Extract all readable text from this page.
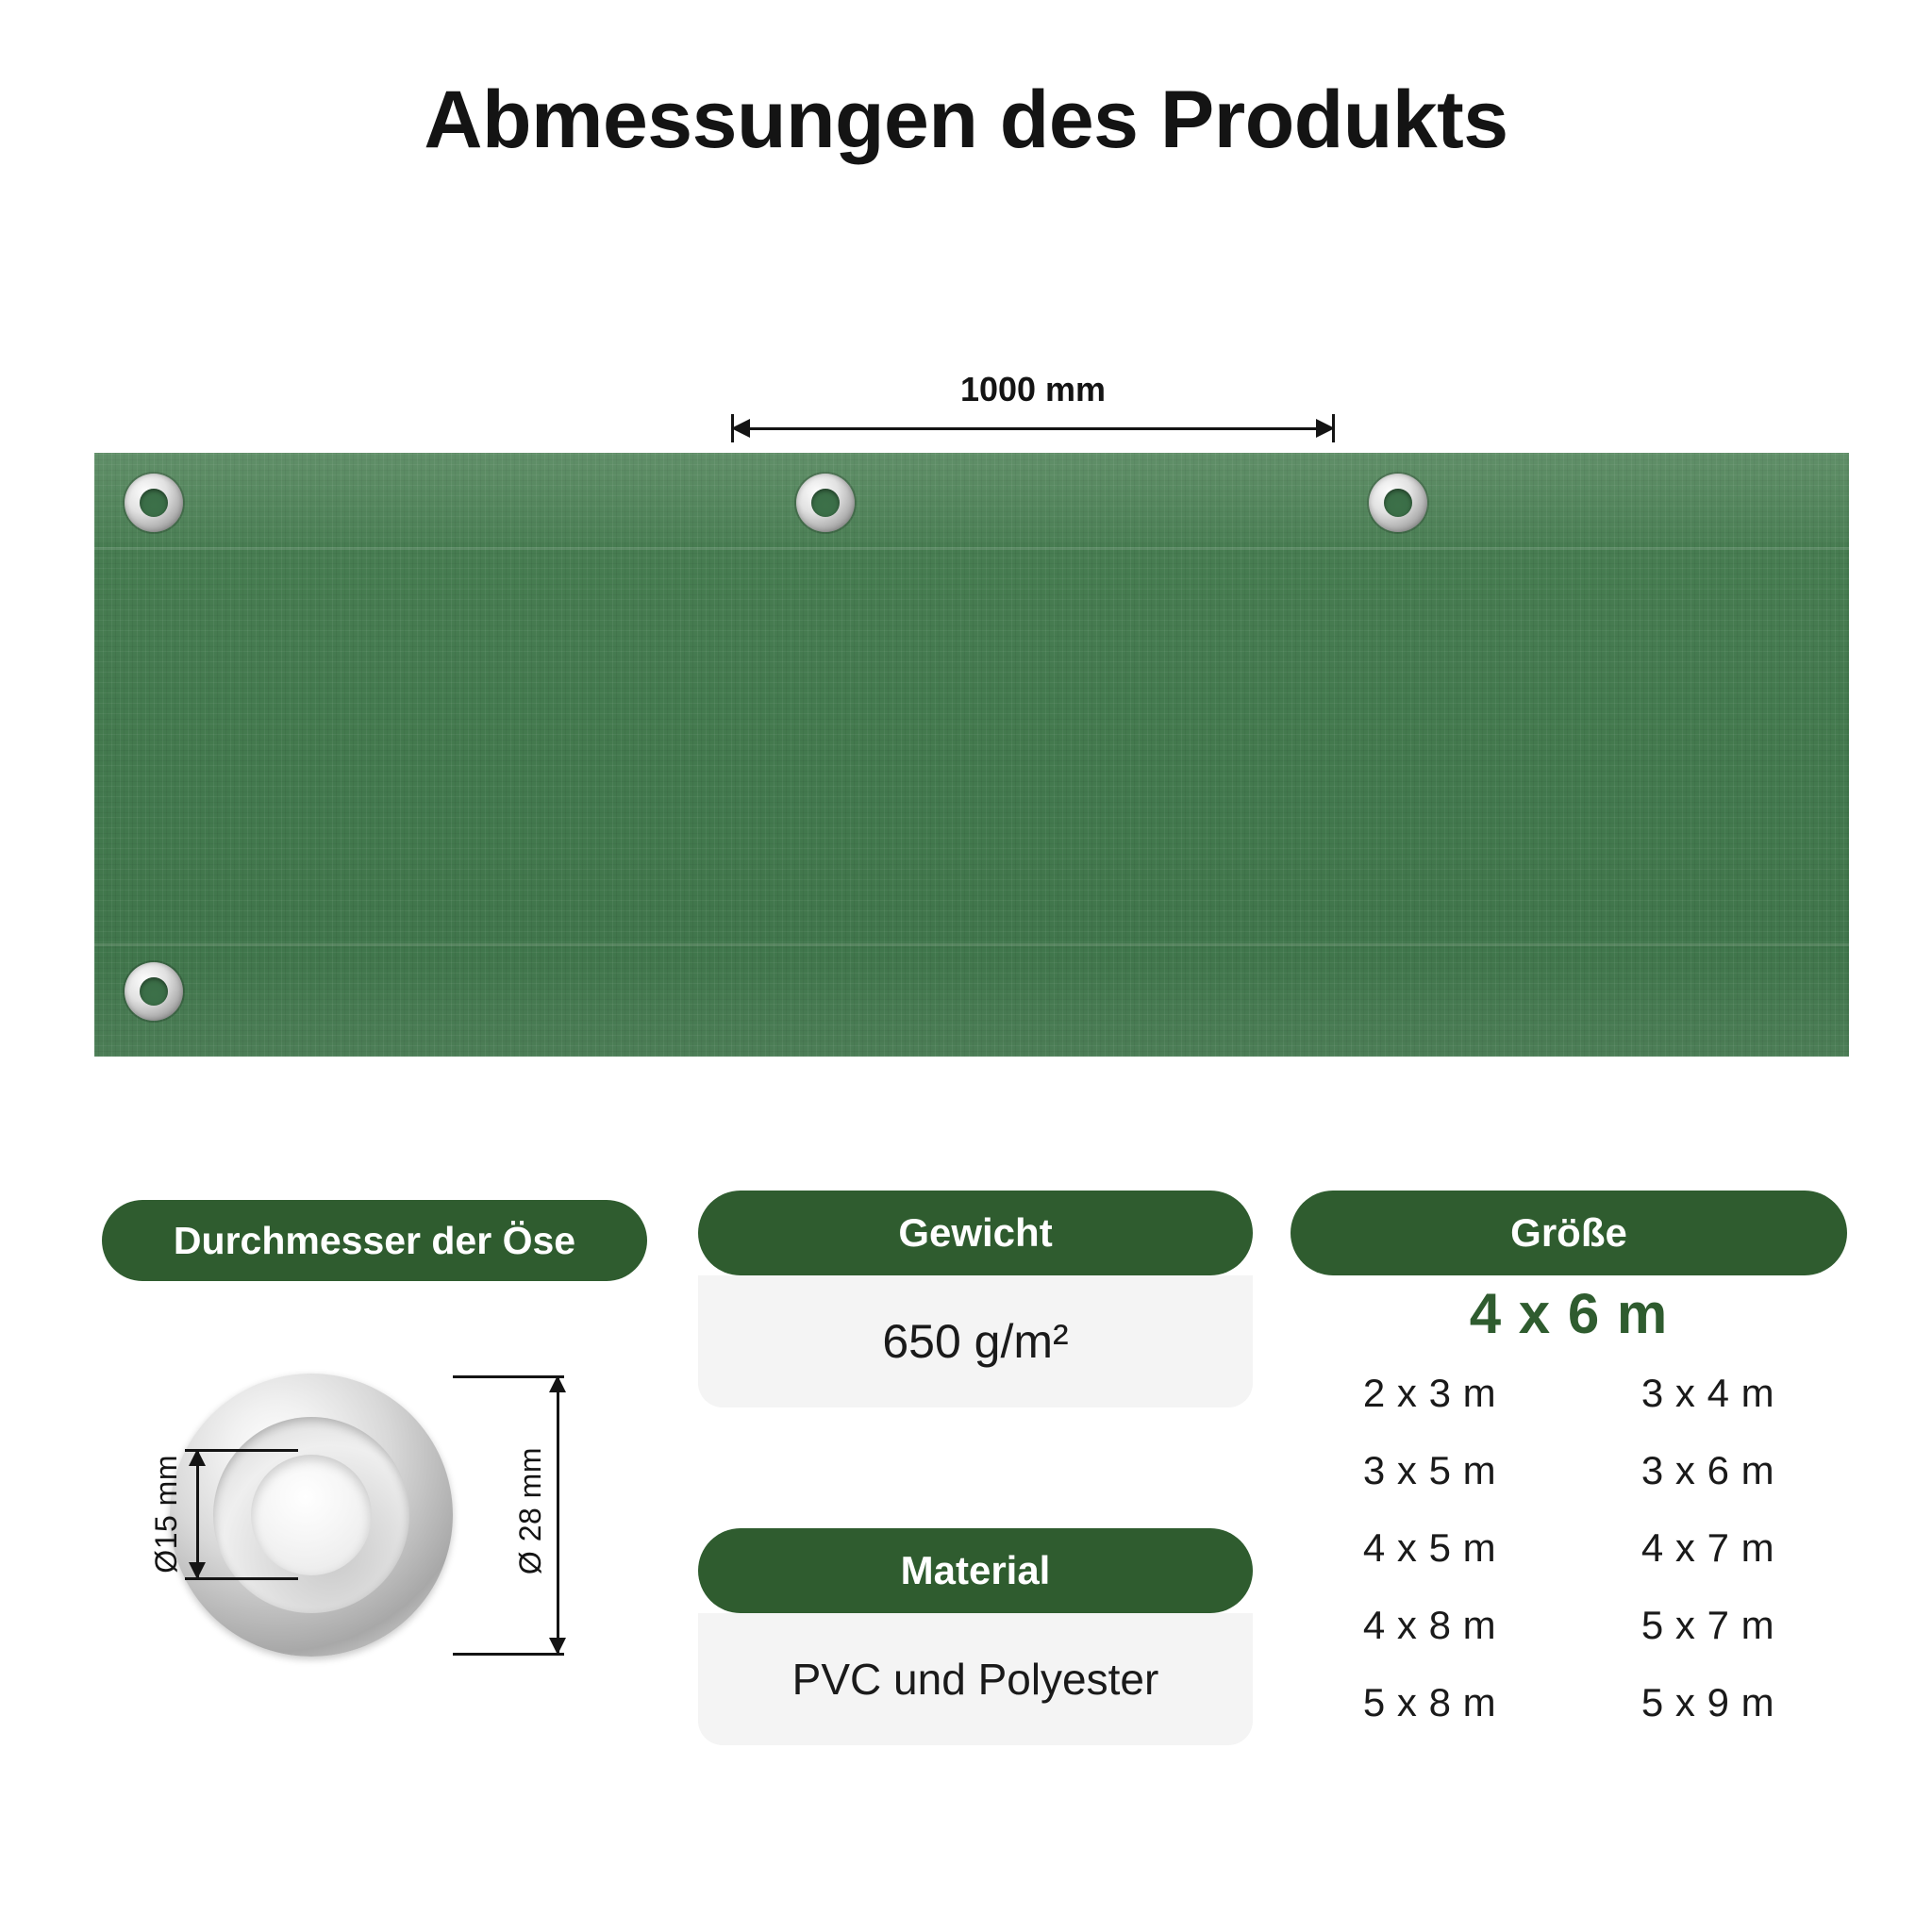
Abmessungen des Produkts
1000 mm
Durchmesser der Öse
Ø 28 mm
Ø15 mm
Gewicht
650 g/m²
Material
PVC und Polyester
Größe
4 x 6 m
2 x 3 m	3 x 4 m
3 x 5 m	3 x 6 m
4 x 5 m	4 x 7 m
4 x 8 m	5 x 7 m
5 x 8 m	5 x 9 m
